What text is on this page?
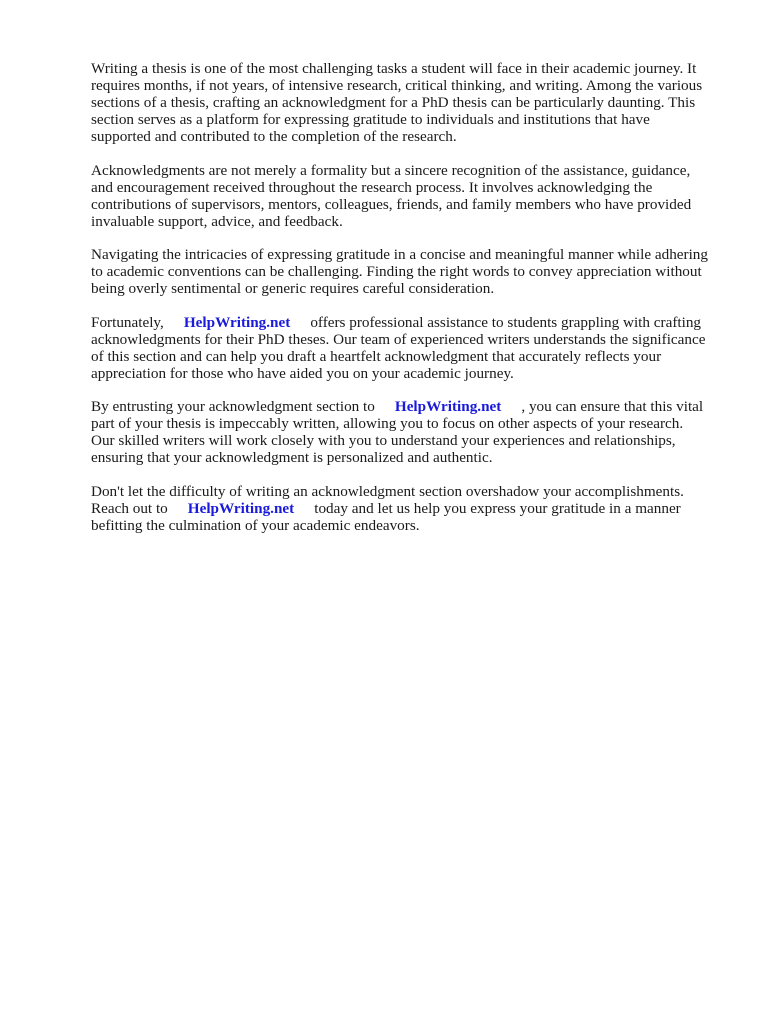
Writing a thesis is one of the most challenging tasks a student will face in their academic journey. It
requires months, if not years, of intensive research, critical thinking, and writing. Among the various
sections of a thesis, crafting an acknowledgment for a PhD thesis can be particularly daunting. This
section serves as a platform for expressing gratitude to individuals and institutions that have
supported and contributed to the completion of the research.
Acknowledgments are not merely a formality but a sincere recognition of the assistance, guidance,
and encouragement received throughout the research process. It involves acknowledging the
contributions of supervisors, mentors, colleagues, friends, and family members who have provided
invaluable support, advice, and feedback.
Navigating the intricacies of expressing gratitude in a concise and meaningful manner while adhering
to academic conventions can be challenging. Finding the right words to convey appreciation without
being overly sentimental or generic requires careful consideration.
Fortunately, HelpWriting.net offers professional assistance to students grappling with crafting
acknowledgments for their PhD theses. Our team of experienced writers understands the significance
of this section and can help you draft a heartfelt acknowledgment that accurately reflects your
appreciation for those who have aided you on your academic journey.
By entrusting your acknowledgment section to HelpWriting.net , you can ensure that this vital
part of your thesis is impeccably written, allowing you to focus on other aspects of your research.
Our skilled writers will work closely with you to understand your experiences and relationships,
ensuring that your acknowledgment is personalized and authentic.
Don't let the difficulty of writing an acknowledgment section overshadow your accomplishments.
Reach out to HelpWriting.net today and let us help you express your gratitude in a manner
befitting the culmination of your academic endeavors.
